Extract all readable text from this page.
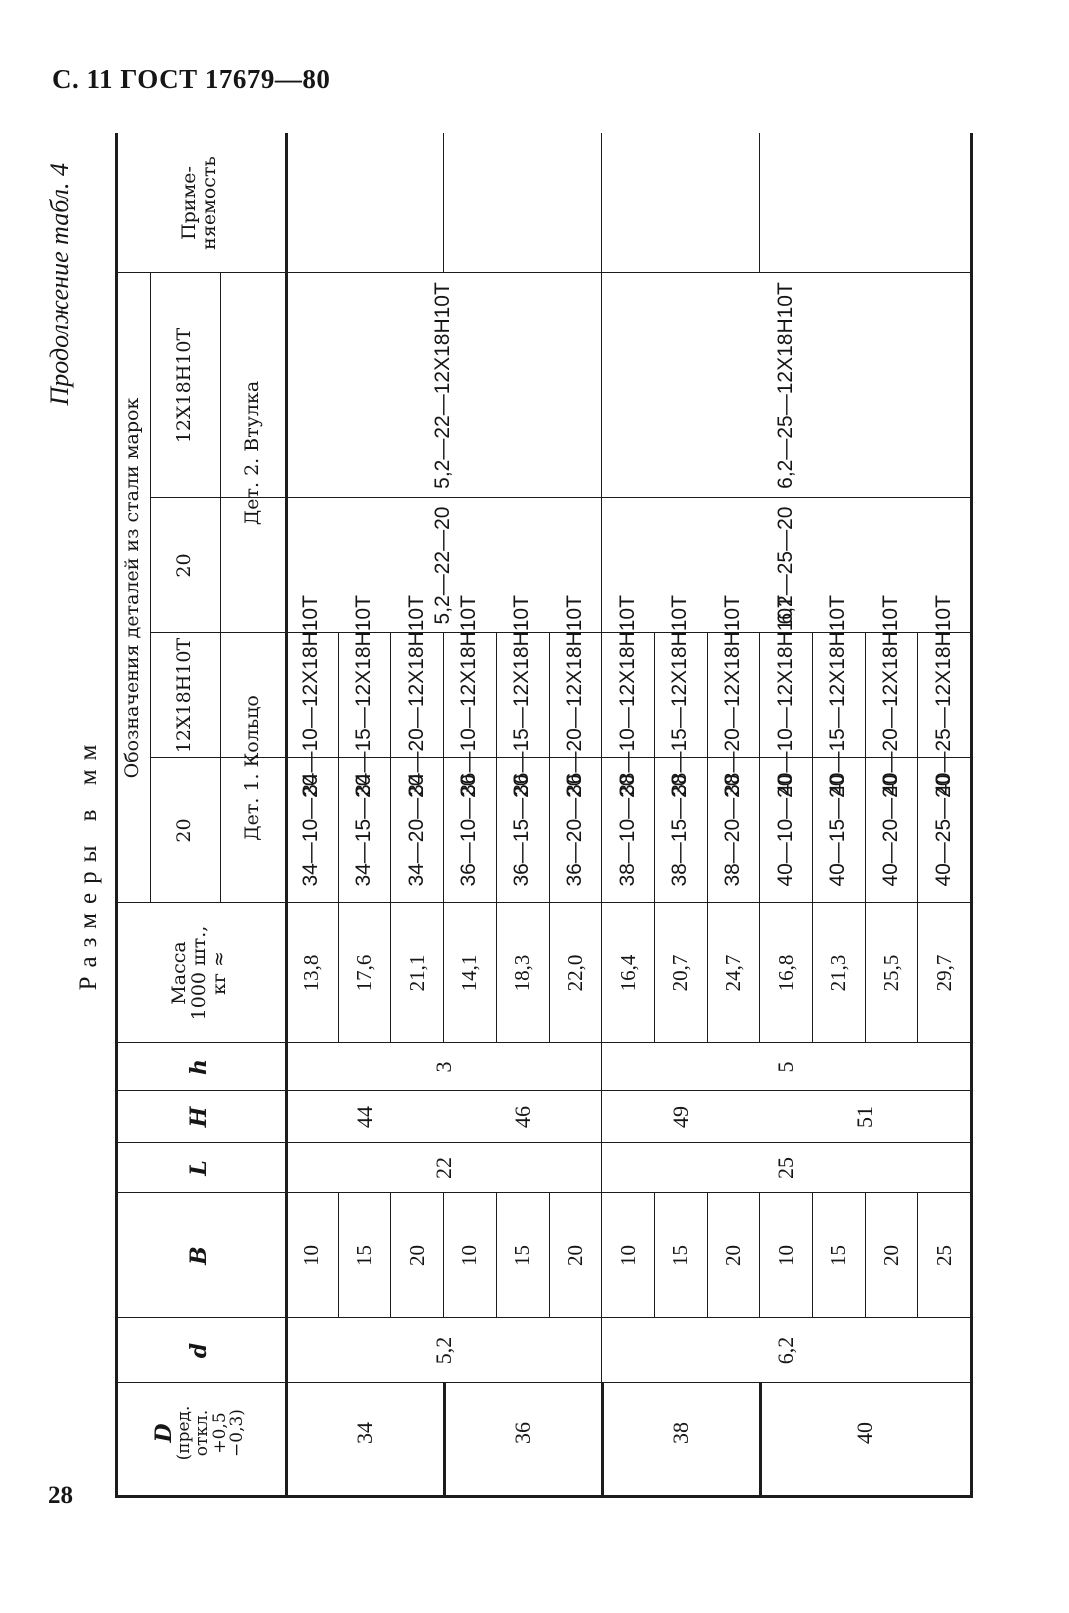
С. 11 ГОСТ 17679—80
28
Продолжение табл. 4
Размеры в мм
D
(пред.
откл.
+0,5
−0,3)
d
B
L
H
h
Масса
1000 шт.,
кг ≈
Обозначения деталей из стали марок
20
12Х18Н10Т
20
12Х18Н10Т
Дет. 1. Кольцо
Дет. 2. Втулка
Приме-
няемость
34
44
36
46
38
49
40
51
5,2
22
3
5,2—22—20
5,2—22—12Х18Н10Т
6,2
25
5
6,2—25—20
6,2—25—12Х18Н10Т
10
13,8
34—10—20
34—10—12Х18Н10Т
15
17,6
34—15—20
34—15—12Х18Н10Т
20
21,1
34—20—20
34—20—12Х18Н10Т
10
14,1
36—10—20
36—10—12Х18Н10Т
15
18,3
36—15—20
36—15—12Х18Н10Т
20
22,0
36—20—20
36—20—12Х18Н10Т
10
16,4
38—10—20
38—10—12Х18Н10Т
15
20,7
38—15—20
38—15—12Х18Н10Т
20
24,7
38—20—20
38—20—12Х18Н10Т
10
16,8
40—10—20
40—10—12Х18Н10Т
15
21,3
40—15—20
40—15—12Х18Н10Т
20
25,5
40—20—20
40—20—12Х18Н10Т
25
29,7
40—25—20
40—25—12Х18Н10Т
